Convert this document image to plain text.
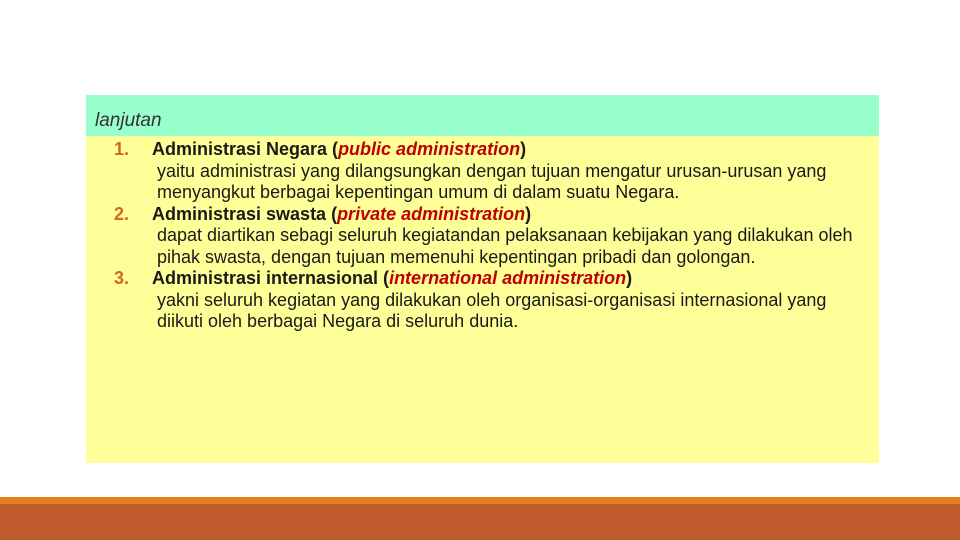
lanjutan
1. Administrasi Negara (public administration)
yaitu administrasi yang dilangsungkan dengan tujuan mengatur urusan-urusan yang menyangkut berbagai kepentingan umum di dalam suatu Negara.
2. Administrasi swasta (private administration)
dapat diartikan sebagi seluruh kegiatandan pelaksanaan kebijakan yang dilakukan oleh pihak swasta, dengan tujuan memenuhi kepentingan pribadi dan golongan.
3. Administrasi internasional (international administration)
yakni seluruh kegiatan yang dilakukan oleh organisasi-organisasi internasional yang diikuti oleh berbagai Negara di seluruh dunia.
